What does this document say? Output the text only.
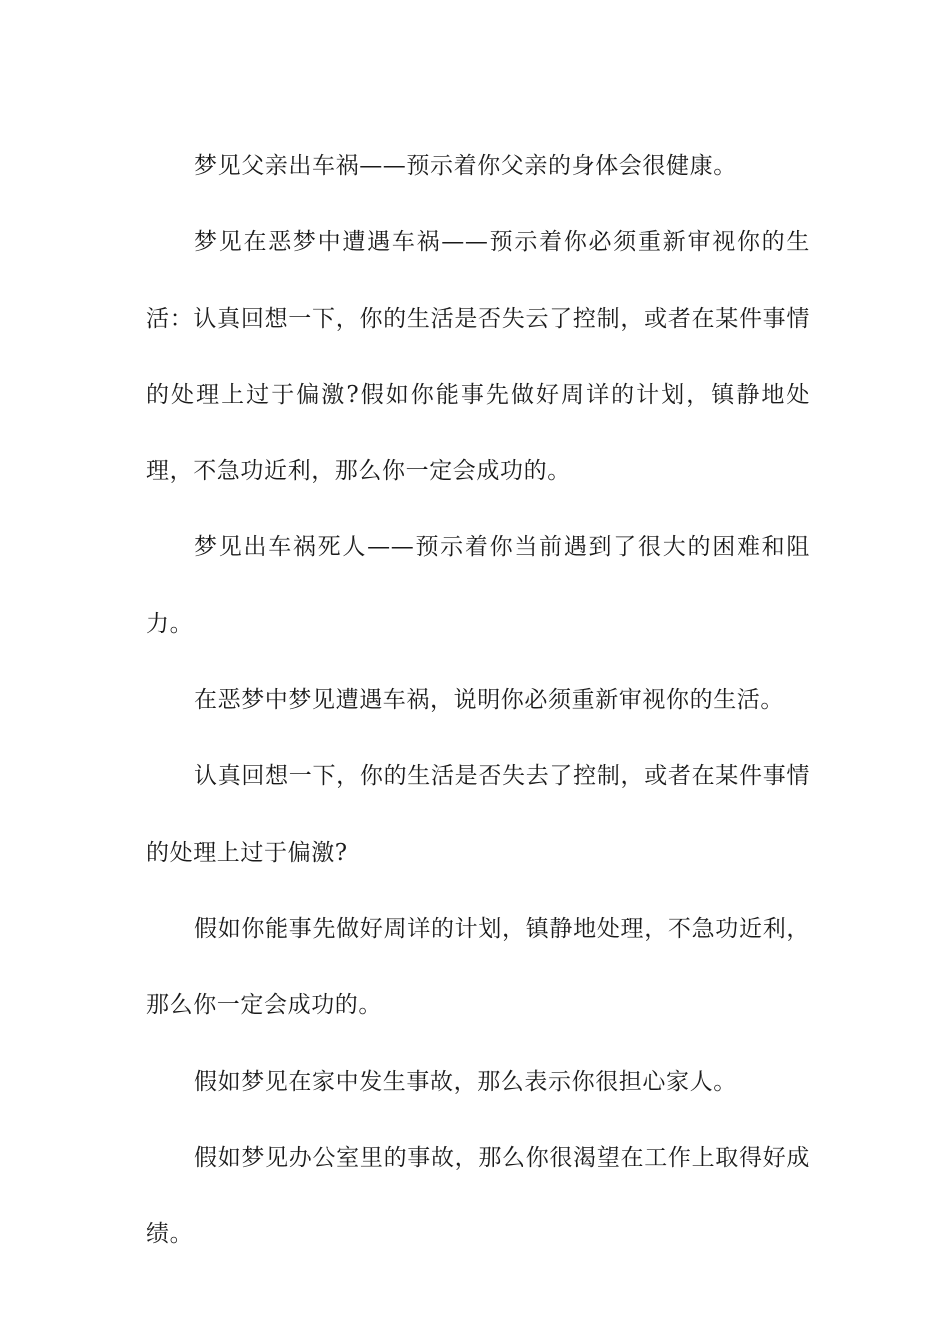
梦见父亲出车祸——预示着你父亲的身体会很健康。

梦见在恶梦中遭遇车祸——预示着你必须重新审视你的生活：认真回想一下，你的生活是否失云了控制，或者在某件事情的处理上过于偏激?假如你能事先做好周详的计划，镇静地处理，不急功近利，那么你一定会成功的。

梦见出车祸死人——预示着你当前遇到了很大的困难和阻力。

在恶梦中梦见遭遇车祸，说明你必须重新审视你的生活。

认真回想一下，你的生活是否失去了控制，或者在某件事情的处理上过于偏激?

假如你能事先做好周详的计划，镇静地处理，不急功近利，那么你一定会成功的。

假如梦见在家中发生事故，那么表示你很担心家人。

假如梦见办公室里的事故，那么你很渴望在工作上取得好成绩。
